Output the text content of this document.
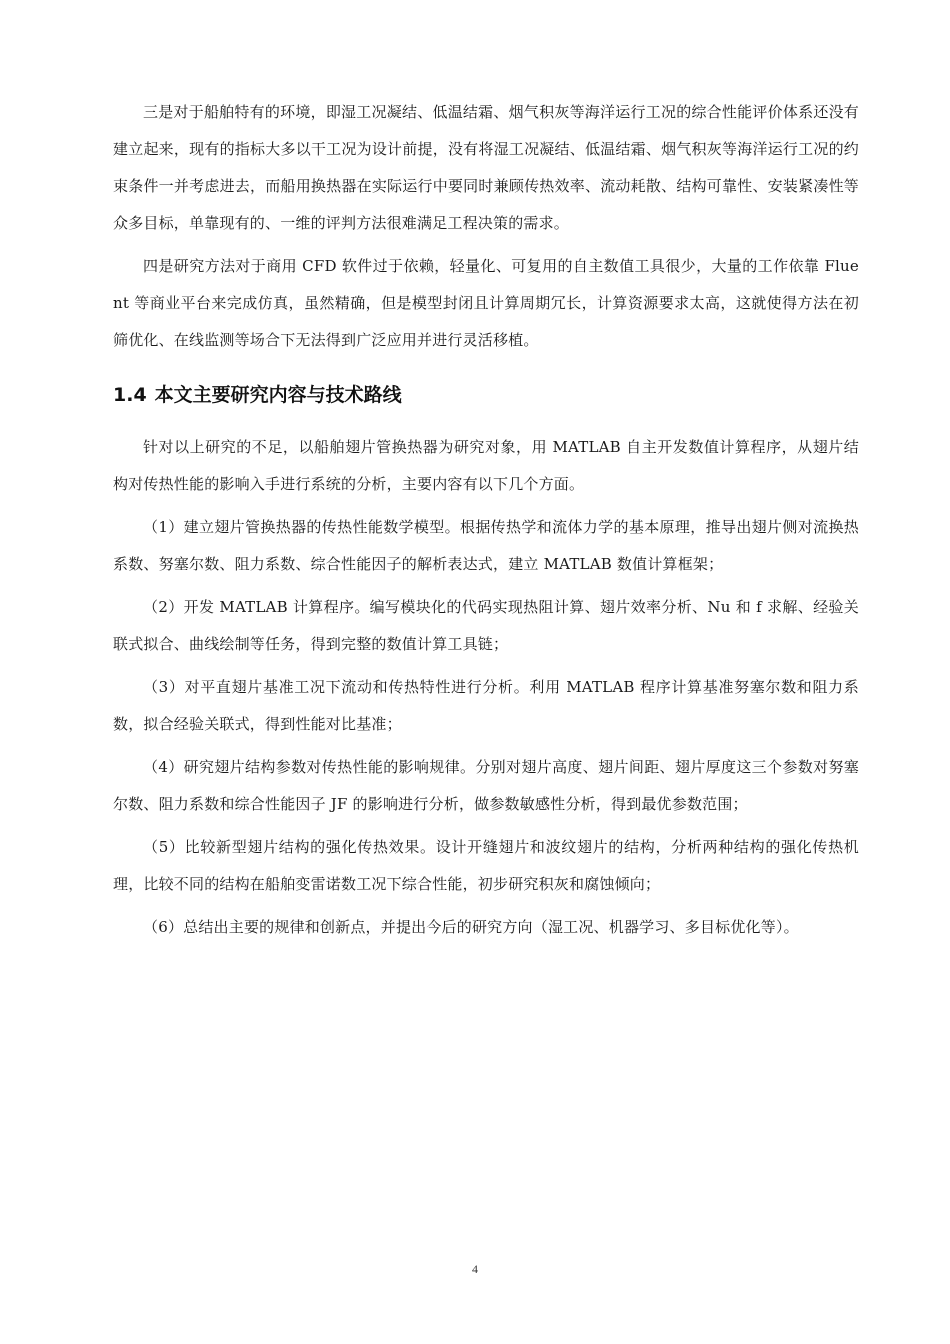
三是对于船舶特有的环境，即湿工况凝结、低温结霜、烟气积灰等海洋运行工况的综合性能评价体系还没有建立起来，现有的指标大多以干工况为设计前提，没有将湿工况凝结、低温结霜、烟气积灰等海洋运行工况的约束条件一并考虑进去，而船用换热器在实际运行中要同时兼顾传热效率、流动耗散、结构可靠性、安装紧凑性等众多目标，单靠现有的、一维的评判方法很难满足工程决策的需求。

四是研究方法对于商用 CFD 软件过于依赖，轻量化、可复用的自主数值工具很少，大量的工作依靠 Fluent 等商业平台来完成仿真，虽然精确，但是模型封闭且计算周期冗长，计算资源要求太高，这就使得方法在初筛优化、在线监测等场合下无法得到广泛应用并进行灵活移植。

1.4 本文主要研究内容与技术路线

针对以上研究的不足，以船舶翅片管换热器为研究对象，用 MATLAB 自主开发数值计算程序，从翅片结构对传热性能的影响入手进行系统的分析，主要内容有以下几个方面。

（1）建立翅片管换热器的传热性能数学模型。根据传热学和流体力学的基本原理，推导出翅片侧对流换热系数、努塞尔数、阻力系数、综合性能因子的解析表达式，建立 MATLAB 数值计算框架；

（2）开发 MATLAB 计算程序。编写模块化的代码实现热阻计算、翅片效率分析、Nu 和 f 求解、经验关联式拟合、曲线绘制等任务，得到完整的数值计算工具链；

（3）对平直翅片基准工况下流动和传热特性进行分析。利用 MATLAB 程序计算基准努塞尔数和阻力系数，拟合经验关联式，得到性能对比基准；

（4）研究翅片结构参数对传热性能的影响规律。分别对翅片高度、翅片间距、翅片厚度这三个参数对努塞尔数、阻力系数和综合性能因子 JF 的影响进行分析，做参数敏感性分析，得到最优参数范围；

（5）比较新型翅片结构的强化传热效果。设计开缝翅片和波纹翅片的结构，分析两种结构的强化传热机理，比较不同的结构在船舶变雷诺数工况下综合性能，初步研究积灰和腐蚀倾向；

（6）总结出主要的规律和创新点，并提出今后的研究方向（湿工况、机器学习、多目标优化等）。

4
